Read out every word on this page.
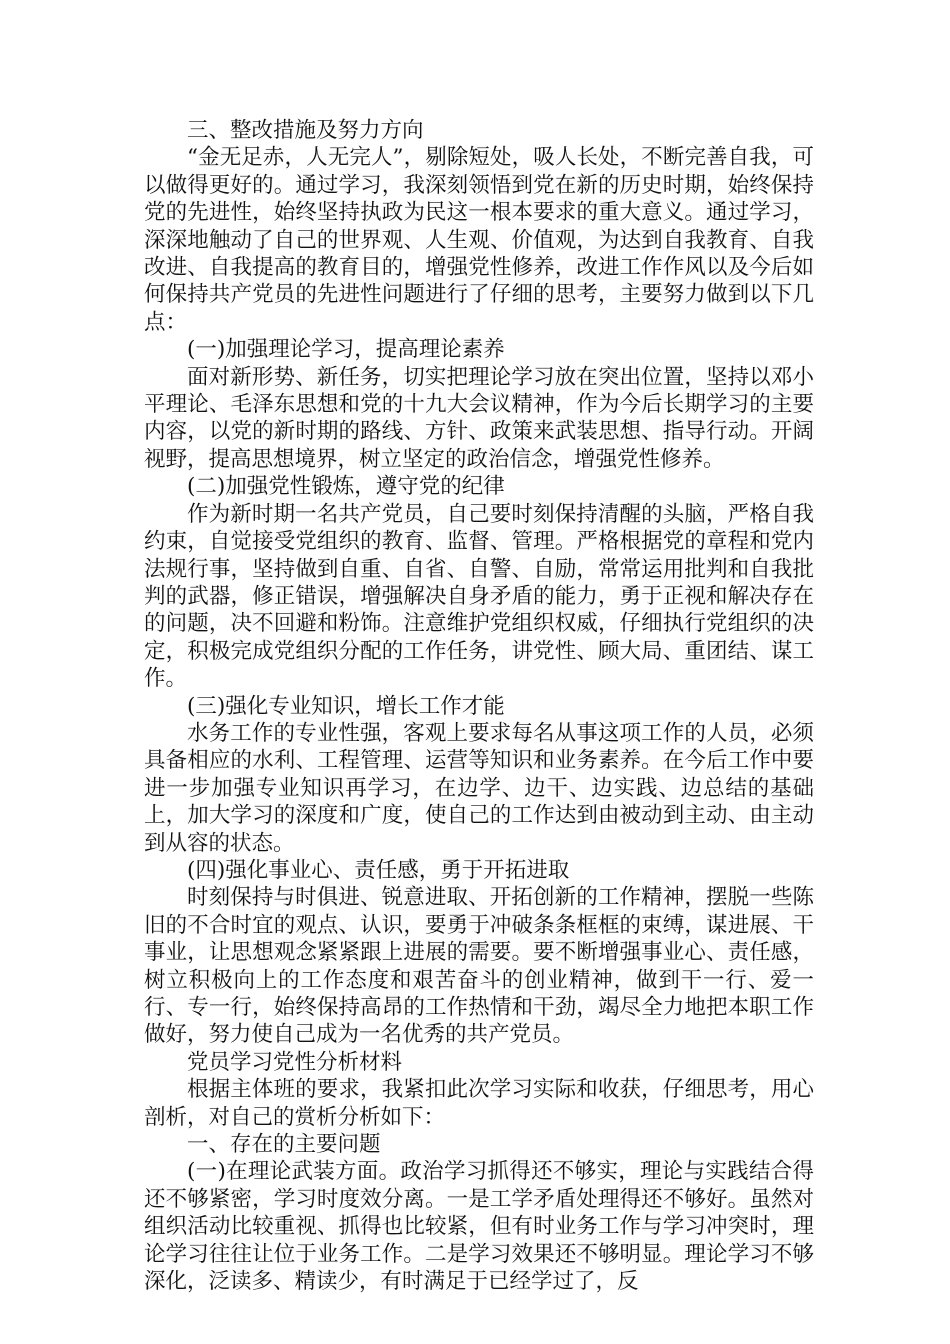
三、整改措施及努力方向

“金无足赤，人无完人”，剔除短处，吸人长处，不断完善自我，可以做得更好的。通过学习，我深刻领悟到党在新的历史时期，始终保持党的先进性，始终坚持执政为民这一根本要求的重大意义。通过学习，深深地触动了自己的世界观、人生观、价值观，为达到自我教育、自我改进、自我提高的教育目的，增强党性修养，改进工作作风以及今后如何保持共产党员的先进性问题进行了仔细的思考，主要努力做到以下几点：

(一)加强理论学习，提高理论素养

面对新形势、新任务，切实把理论学习放在突出位置，坚持以邓小平理论、毛泽东思想和党的十九大会议精神，作为今后长期学习的主要内容，以党的新时期的路线、方针、政策来武装思想、指导行动。开阔视野，提高思想境界，树立坚定的政治信念，增强党性修养。

(二)加强党性锻炼，遵守党的纪律

作为新时期一名共产党员，自己要时刻保持清醒的头脑，严格自我约束，自觉接受党组织的教育、监督、管理。严格根据党的章程和党内法规行事，坚持做到自重、自省、自警、自励，常常运用批判和自我批判的武器，修正错误，增强解决自身矛盾的能力，勇于正视和解决存在的问题，决不回避和粉饰。注意维护党组织权威，仔细执行党组织的决定，积极完成党组织分配的工作任务，讲党性、顾大局、重团结、谋工作。

(三)强化专业知识，增长工作才能

水务工作的专业性强，客观上要求每名从事这项工作的人员，必须具备相应的水利、工程管理、运营等知识和业务素养。在今后工作中要进一步加强专业知识再学习，在边学、边干、边实践、边总结的基础上，加大学习的深度和广度，使自己的工作达到由被动到主动、由主动到从容的状态。

(四)强化事业心、责任感，勇于开拓进取

时刻保持与时俱进、锐意进取、开拓创新的工作精神，摆脱一些陈旧的不合时宜的观点、认识，要勇于冲破条条框框的束缚，谋进展、干事业，让思想观念紧紧跟上进展的需要。要不断增强事业心、责任感，树立积极向上的工作态度和艰苦奋斗的创业精神，做到干一行、爱一行、专一行，始终保持高昂的工作热情和干劲，竭尽全力地把本职工作做好，努力使自己成为一名优秀的共产党员。

党员学习党性分析材料

根据主体班的要求，我紧扣此次学习实际和收获，仔细思考，用心剖析，对自己的赏析分析如下：

一、存在的主要问题

(一)在理论武装方面。政治学习抓得还不够实，理论与实践结合得还不够紧密，学习时度效分离。一是工学矛盾处理得还不够好。虽然对组织活动比较重视、抓得也比较紧，但有时业务工作与学习冲突时，理论学习往往让位于业务工作。二是学习效果还不够明显。理论学习不够深化，泛读多、精读少，有时满足于已经学过了，反
